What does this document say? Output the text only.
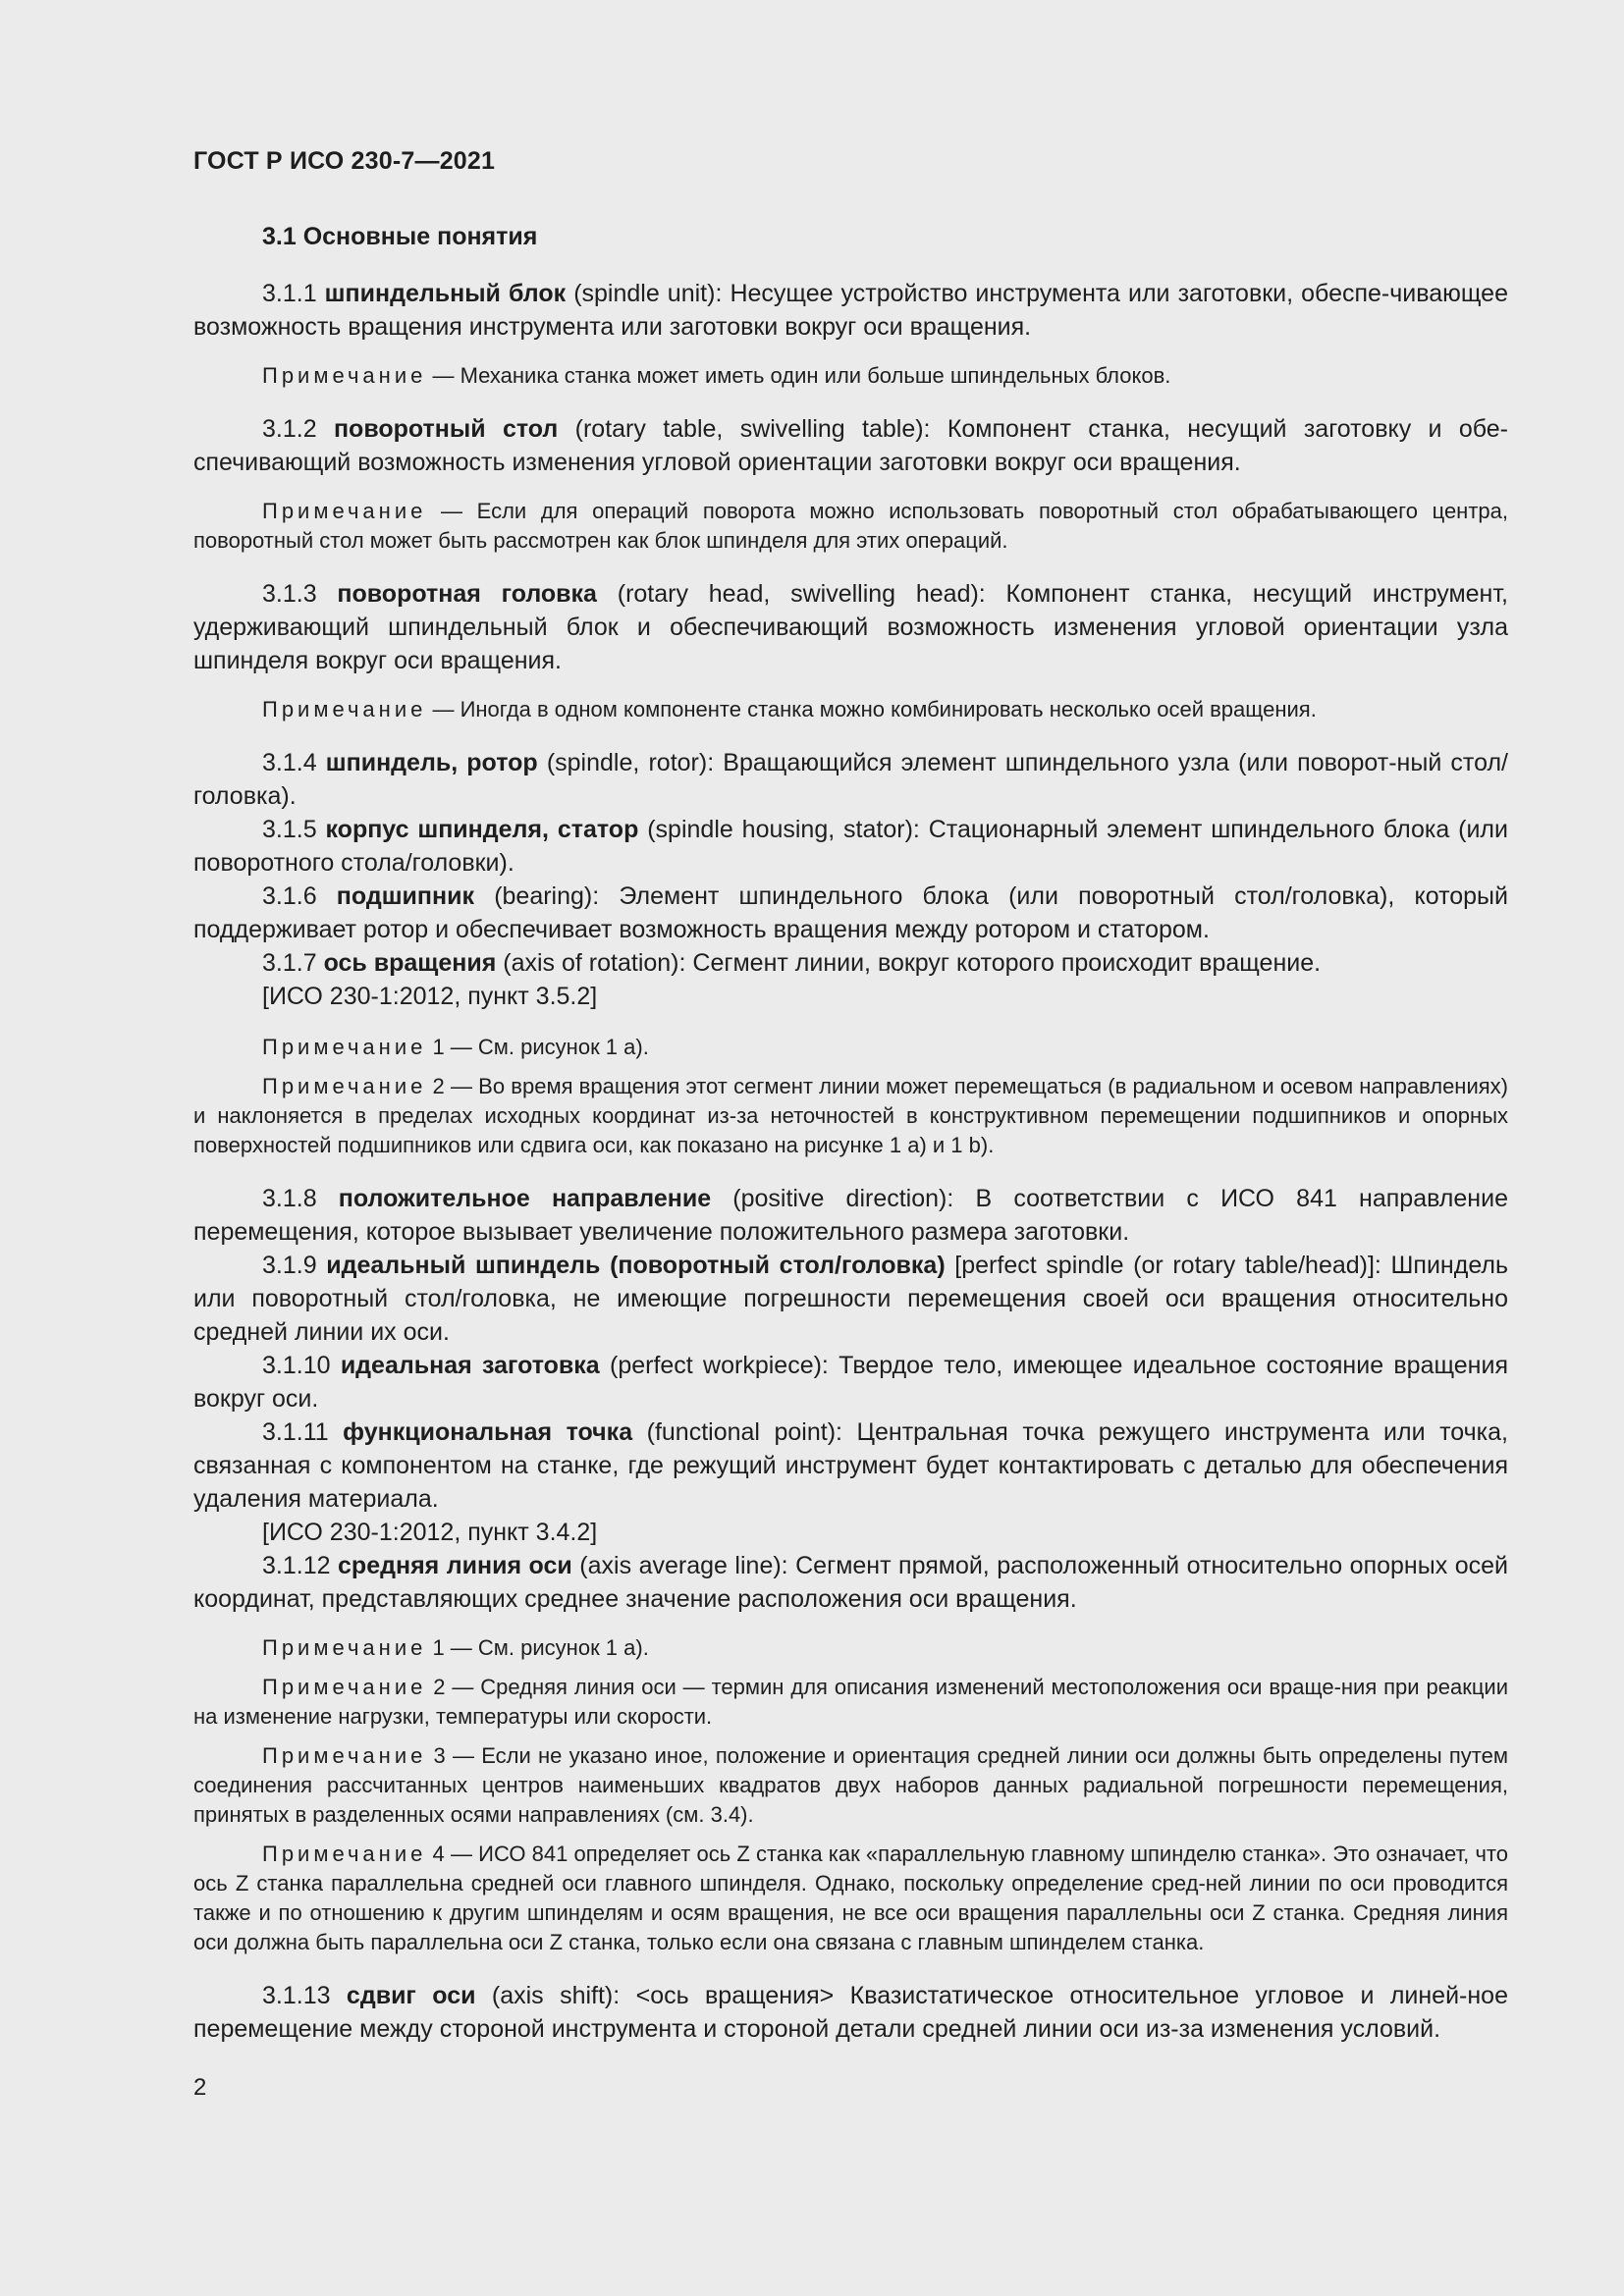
ГОСТ Р ИСО 230-7—2021
3.1 Основные понятия

3.1.1 шпиндельный блок (spindle unit): Несущее устройство инструмента или заготовки, обеспе-чивающее возможность вращения инструмента или заготовки вокруг оси вращения.

Примечание — Механика станка может иметь один или больше шпиндельных блоков.

3.1.2 поворотный стол (rotary table, swivelling table): Компонент станка, несущий заготовку и обе-спечивающий возможность изменения угловой ориентации заготовки вокруг оси вращения.

Примечание — Если для операций поворота можно использовать поворотный стол обрабатывающего центра, поворотный стол может быть рассмотрен как блок шпинделя для этих операций.

3.1.3 поворотная головка (rotary head, swivelling head): Компонент станка, несущий инструмент, удерживающий шпиндельный блок и обеспечивающий возможность изменения угловой ориентации узла шпинделя вокруг оси вращения.

Примечание — Иногда в одном компоненте станка можно комбинировать несколько осей вращения.

3.1.4 шпиндель, ротор (spindle, rotor): Вращающийся элемент шпиндельного узла (или поворот-ный стол/головка).

3.1.5 корпус шпинделя, статор (spindle housing, stator): Стационарный элемент шпиндельного блока (или поворотного стола/головки).

3.1.6 подшипник (bearing): Элемент шпиндельного блока (или поворотный стол/головка), который поддерживает ротор и обеспечивает возможность вращения между ротором и статором.

3.1.7 ось вращения (axis of rotation): Сегмент линии, вокруг которого происходит вращение.

[ИСО 230-1:2012, пункт 3.5.2]

Примечание 1 — См. рисунок 1 a).

Примечание 2 — Во время вращения этот сегмент линии может перемещаться (в радиальном и осевом направлениях) и наклоняется в пределах исходных координат из-за неточностей в конструктивном перемещении подшипников и опорных поверхностей подшипников или сдвига оси, как показано на рисунке 1 a) и 1 b).

3.1.8 положительное направление (positive direction): В соответствии с ИСО 841 направление перемещения, которое вызывает увеличение положительного размера заготовки.

3.1.9 идеальный шпиндель (поворотный стол/головка) [perfect spindle (or rotary table/head)]: Шпиндель или поворотный стол/головка, не имеющие погрешности перемещения своей оси вращения относительно средней линии их оси.

3.1.10 идеальная заготовка (perfect workpiece): Твердое тело, имеющее идеальное состояние вращения вокруг оси.

3.1.11 функциональная точка (functional point): Центральная точка режущего инструмента или точка, связанная с компонентом на станке, где режущий инструмент будет контактировать с деталью для обеспечения удаления материала.

[ИСО 230-1:2012, пункт 3.4.2]

3.1.12 средняя линия оси (axis average line): Сегмент прямой, расположенный относительно опорных осей координат, представляющих среднее значение расположения оси вращения.

Примечание 1 — См. рисунок 1 a).

Примечание 2 — Средняя линия оси — термин для описания изменений местоположения оси враще-ния при реакции на изменение нагрузки, температуры или скорости.

Примечание 3 — Если не указано иное, положение и ориентация средней линии оси должны быть определены путем соединения рассчитанных центров наименьших квадратов двух наборов данных радиальной погрешности перемещения, принятых в разделенных осями направлениях (см. 3.4).

Примечание 4 — ИСО 841 определяет ось Z станка как «параллельную главному шпинделю станка». Это означает, что ось Z станка параллельна средней оси главного шпинделя. Однако, поскольку определение сред-ней линии по оси проводится также и по отношению к другим шпинделям и осям вращения, не все оси вращения параллельны оси Z станка. Средняя линия оси должна быть параллельна оси Z станка, только если она связана с главным шпинделем станка.

3.1.13 сдвиг оси (axis shift): <ось вращения> Квазистатическое относительное угловое и линей-ное перемещение между стороной инструмента и стороной детали средней линии оси из-за изменения условий.

2
